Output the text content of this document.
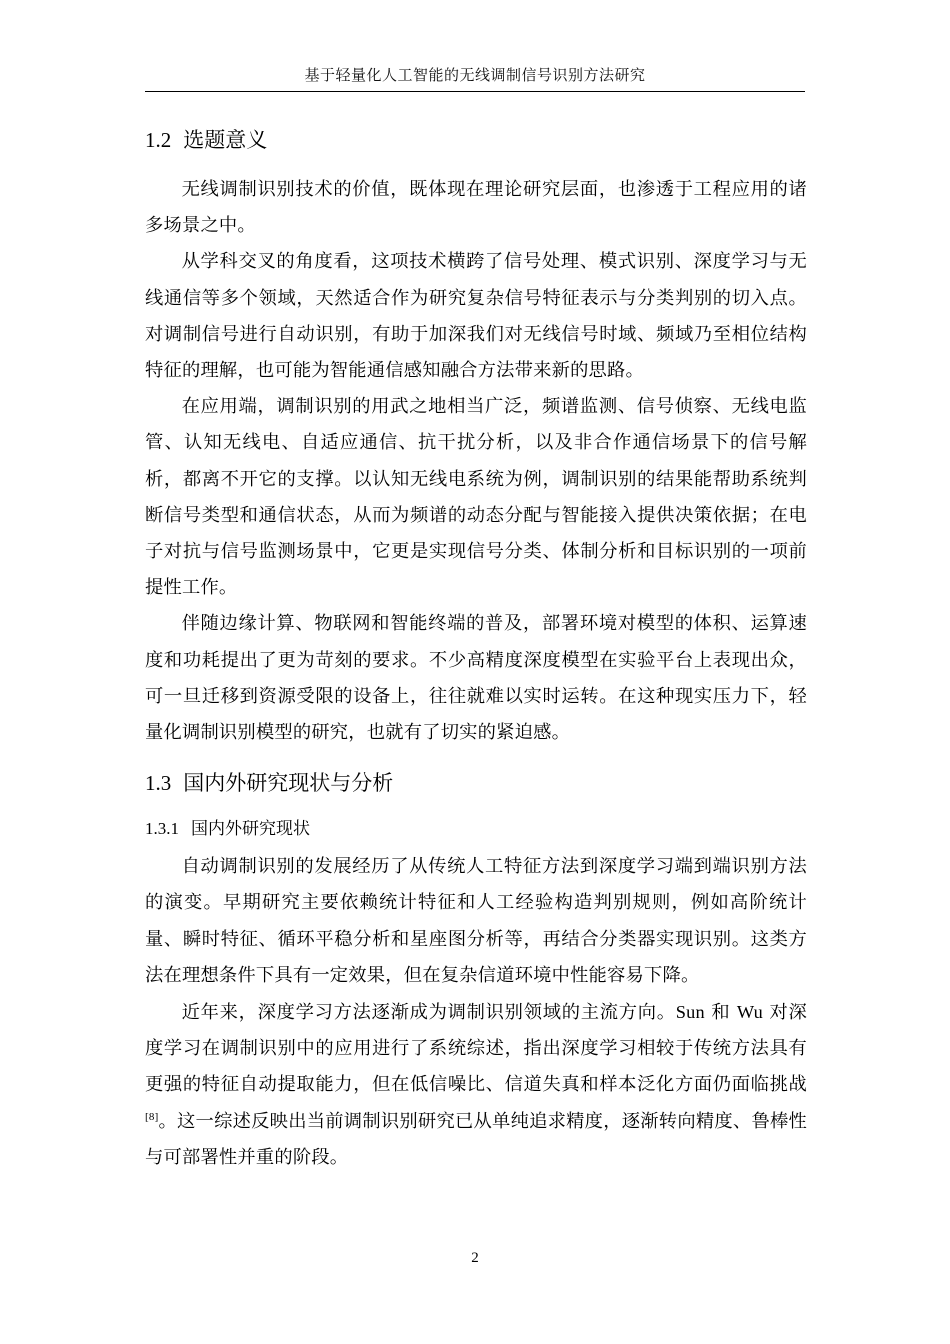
基于轻量化人工智能的无线调制信号识别方法研究
1.2 选题意义

无线调制识别技术的价值，既体现在理论研究层面，也渗透于工程应用的诸多场景之中。

从学科交叉的角度看，这项技术横跨了信号处理、模式识别、深度学习与无线通信等多个领域，天然适合作为研究复杂信号特征表示与分类判别的切入点。对调制信号进行自动识别，有助于加深我们对无线信号时域、频域乃至相位结构特征的理解，也可能为智能通信感知融合方法带来新的思路。

在应用端，调制识别的用武之地相当广泛，频谱监测、信号侦察、无线电监管、认知无线电、自适应通信、抗干扰分析，以及非合作通信场景下的信号解析，都离不开它的支撑。以认知无线电系统为例，调制识别的结果能帮助系统判断信号类型和通信状态，从而为频谱的动态分配与智能接入提供决策依据；在电子对抗与信号监测场景中，它更是实现信号分类、体制分析和目标识别的一项前提性工作。

伴随边缘计算、物联网和智能终端的普及，部署环境对模型的体积、运算速度和功耗提出了更为苛刻的要求。不少高精度深度模型在实验平台上表现出众，可一旦迁移到资源受限的设备上，往往就难以实时运转。在这种现实压力下，轻量化调制识别模型的研究，也就有了切实的紧迫感。

1.3 国内外研究现状与分析
1.3.1 国内外研究现状

自动调制识别的发展经历了从传统人工特征方法到深度学习端到端识别方法的演变。早期研究主要依赖统计特征和人工经验构造判别规则，例如高阶统计量、瞬时特征、循环平稳分析和星座图分析等，再结合分类器实现识别。这类方法在理想条件下具有一定效果，但在复杂信道环境中性能容易下降。

近年来，深度学习方法逐渐成为调制识别领域的主流方向。Sun 和 Wu 对深度学习在调制识别中的应用进行了系统综述，指出深度学习相较于传统方法具有更强的特征自动提取能力，但在低信噪比、信道失真和样本泛化方面仍面临挑战[8]。这一综述反映出当前调制识别研究已从单纯追求精度，逐渐转向精度、鲁棒性与可部署性并重的阶段。

2
